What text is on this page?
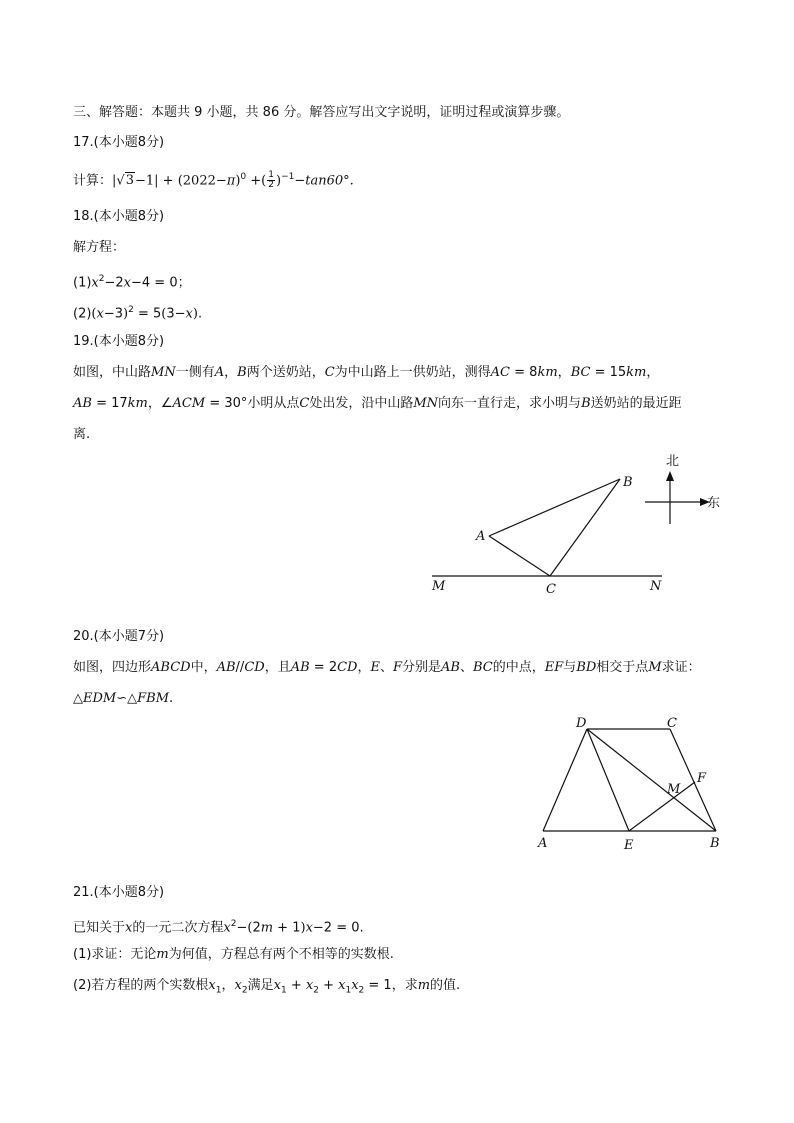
三、解答题：本题共 9 小题，共 86 分。解答应写出文字说明，证明过程或演算步骤。
17.(本小题8分)
计算：$|√3-1| + (2022-\pi)^0$ +( $\frac{1}{2} )^{-1}-\tan 60^\circ$.
18.(本小题8分)
解方程：
$(1)x^2-2x-4 = 0$；
$(2)(x-3)^2 = 5(3-x)$.
19.(本小题8分)
如图，中山路MN一侧有A，B两个送奶站，C为中山路上一供奶站，测得AC = 8km，BC = 15km，
AB = 17km，∠ACM = 30°小明从点C处出发，沿中山路MN向东一直行走，求小明与B送奶站的最近距
离.
A
B
C
M	N
北
东
20.(本小题7分)
如图，四边形ABCD中，AB//CD，且AB = 2CD，E、F分别是AB、BC的中点，EF与BD相交于点M求证：
△EDM∽△FBM.
D	C
A	E	B
M
F
21.(本小题8分)
已知关于x的一元二次方程$x^2-(2m + 1)x-2 = 0$.
(1)求证：无论m为何值，方程总有两个不相等的实数根.
(2)若方程的两个实数根$x_1$，$x_2$满足$x_1 + x_2 + x_1x_2 = 1$，求m的值.
